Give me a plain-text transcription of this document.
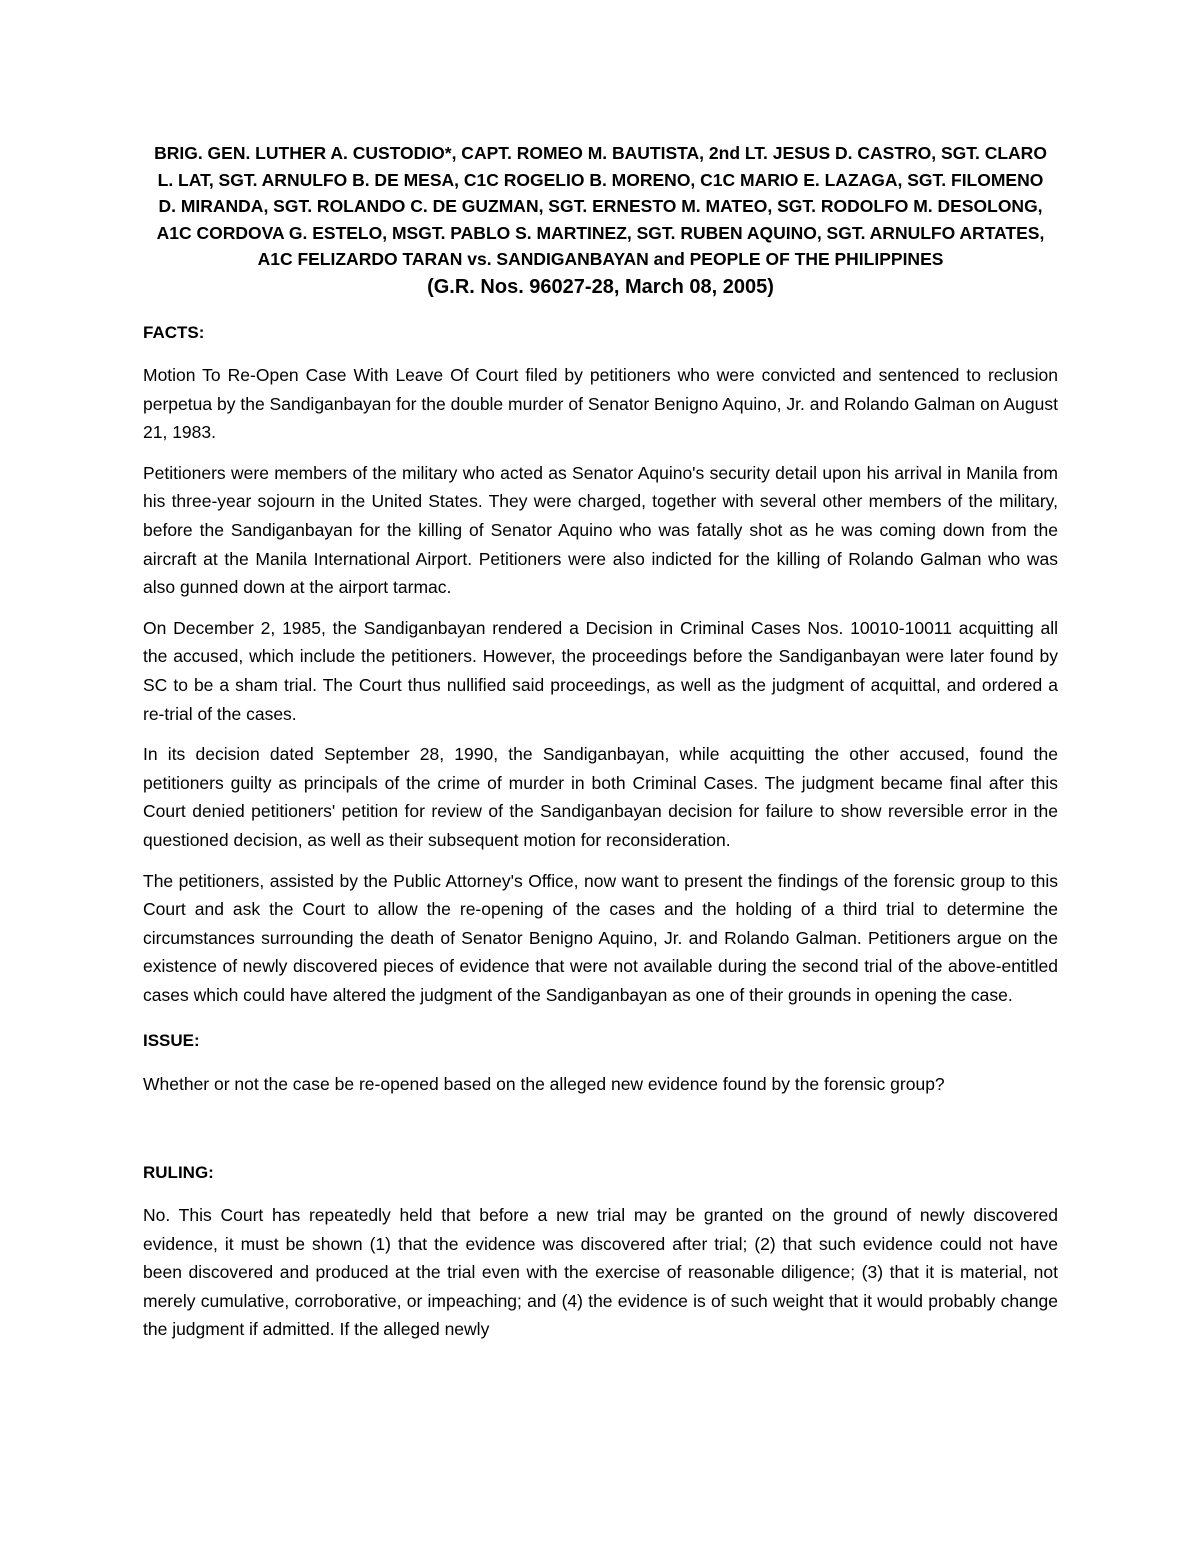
BRIG. GEN. LUTHER A. CUSTODIO*, CAPT. ROMEO M. BAUTISTA, 2nd LT. JESUS D. CASTRO, SGT. CLARO L. LAT, SGT. ARNULFO B. DE MESA, C1C ROGELIO B. MORENO, C1C MARIO E. LAZAGA, SGT. FILOMENO D. MIRANDA, SGT. ROLANDO C. DE GUZMAN, SGT. ERNESTO M. MATEO, SGT. RODOLFO M. DESOLONG, A1C CORDOVA G. ESTELO, MSGT. PABLO S. MARTINEZ, SGT. RUBEN AQUINO, SGT. ARNULFO ARTATES, A1C FELIZARDO TARAN vs. SANDIGANBAYAN and PEOPLE OF THE PHILIPPINES

(G.R. Nos. 96027-28, March 08, 2005)

FACTS:

Motion To Re-Open Case With Leave Of Court filed by petitioners who were convicted and sentenced to reclusion perpetua by the Sandiganbayan for the double murder of Senator Benigno Aquino, Jr. and Rolando Galman on August 21, 1983.

Petitioners were members of the military who acted as Senator Aquino's security detail upon his arrival in Manila from his three-year sojourn in the United States. They were charged, together with several other members of the military, before the Sandiganbayan for the killing of Senator Aquino who was fatally shot as he was coming down from the aircraft at the Manila International Airport. Petitioners were also indicted for the killing of Rolando Galman who was also gunned down at the airport tarmac.

On December 2, 1985, the Sandiganbayan rendered a Decision in Criminal Cases Nos. 10010-10011 acquitting all the accused, which include the petitioners. However, the proceedings before the Sandiganbayan were later found by SC to be a sham trial. The Court thus nullified said proceedings, as well as the judgment of acquittal, and ordered a re-trial of the cases.

In its decision dated September 28, 1990, the Sandiganbayan, while acquitting the other accused, found the petitioners guilty as principals of the crime of murder in both Criminal Cases. The judgment became final after this Court denied petitioners' petition for review of the Sandiganbayan decision for failure to show reversible error in the questioned decision, as well as their subsequent motion for reconsideration.

The petitioners, assisted by the Public Attorney's Office, now want to present the findings of the forensic group to this Court and ask the Court to allow the re-opening of the cases and the holding of a third trial to determine the circumstances surrounding the death of Senator Benigno Aquino, Jr. and Rolando Galman. Petitioners argue on the existence of newly discovered pieces of evidence that were not available during the second trial of the above-entitled cases which could have altered the judgment of the Sandiganbayan as one of their grounds in opening the case.

ISSUE:

Whether or not the case be re-opened based on the alleged new evidence found by the forensic group?

RULING:

No. This Court has repeatedly held that before a new trial may be granted on the ground of newly discovered evidence, it must be shown (1) that the evidence was discovered after trial; (2) that such evidence could not have been discovered and produced at the trial even with the exercise of reasonable diligence; (3) that it is material, not merely cumulative, corroborative, or impeaching; and (4) the evidence is of such weight that it would probably change the judgment if admitted. If the alleged newly
